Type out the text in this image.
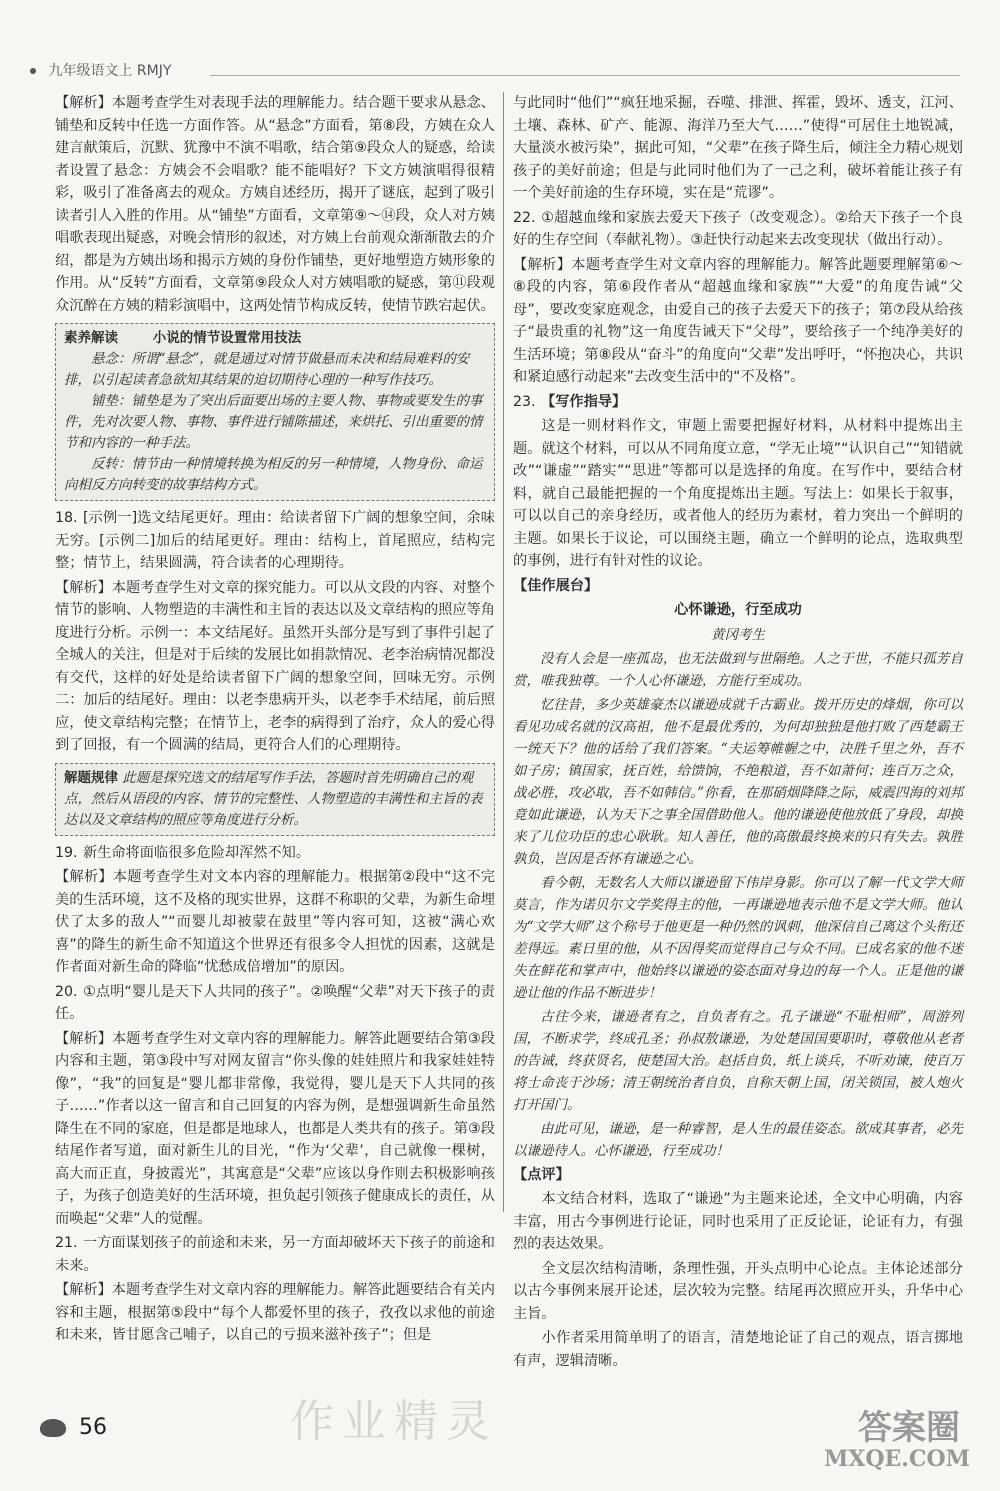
九年级语文上 RMJY

【解析】本题考查学生对表现手法的理解能力。结合题干要求从悬念、铺垫和反转中任选一方面作答。从“悬念”方面看，第⑧段，方姨在众人建言献策后，沉默、犹豫中不演不唱歌，结合第⑨段众人的疑惑，给读者设置了悬念：方姨会不会唱歌？能不能唱好？下文方姨演唱得很精彩，吸引了准备离去的观众。方姨自述经历，揭开了谜底，起到了吸引读者引人入胜的作用。从“铺垫”方面看，文章第⑨～⑭段，众人对方姨唱歌表现出疑惑，对晚会情形的叙述，对方姨上台前观众渐渐散去的介绍，都是为方姨出场和揭示方姨的身份作铺垫，更好地塑造方姨形象的作用。从“反转”方面看，文章第⑨段众人对方姨唱歌的疑惑，第⑪段观众沉醉在方姨的精彩演唱中，这两处情节构成反转，使情节跌宕起伏。

素养解读	小说的情节设置常用技法
悬念：所谓“悬念”，就是通过对情节做悬而未决和结局难料的安排，以引起读者急欲知其结果的迫切期待心理的一种写作技巧。
铺垫：铺垫是为了突出后面要出场的主要人物、事物或要发生的事件，先对次要人物、事物、事件进行铺陈描述，来烘托、引出重要的情节和内容的一种手法。
反转：情节由一种情境转换为相反的另一种情境，人物身份、命运向相反方向转变的故事结构方式。

18. [示例一]选文结尾更好。理由：给读者留下广阔的想象空间，余味无穷。[示例二]加后的结尾更好。理由：结构上，首尾照应，结构完整；情节上，结果圆满，符合读者的心理期待。

【解析】本题考查学生对文章的探究能力。可以从文段的内容、对整个情节的影响、人物塑造的丰满性和主旨的表达以及文章结构的照应等角度进行分析。示例一：本文结尾好。虽然开头部分是写到了事件引起了全城人的关注，但是对于后续的发展比如捐款情况、老李治病情况都没有交代，这样的好处是给读者留下广阔的想象空间，回味无穷。示例二：加后的结尾好。理由：以老李患病开头，以老李手术结尾，前后照应，使文章结构完整；在情节上，老李的病得到了治疗，众人的爱心得到了回报，有一个圆满的结局，更符合人们的心理期待。

解题规律 此题是探究选文的结尾写作手法，答题时首先明确自己的观点，然后从语段的内容、情节的完整性、人物塑造的丰满性和主旨的表达以及文章结构的照应等角度进行分析。

19. 新生命将面临很多危险却浑然不知。

【解析】本题考查学生对文本内容的理解能力。根据第②段中“这不完美的生活环境，这不及格的现实世界，这群不称职的父辈，为新生命埋伏了太多的敌人”“而婴儿却被蒙在鼓里”等内容可知，这被“满心欢喜”的降生的新生命不知道这个世界还有很多令人担忧的因素，这就是作者面对新生命的降临“忧愁成倍增加”的原因。

20. ①点明“婴儿是天下人共同的孩子”。②唤醒“父辈”对天下孩子的责任。

【解析】本题考查学生对文章内容的理解能力。解答此题要结合第③段内容和主题，第③段中写对网友留言“你头像的娃娃照片和我家娃娃特像”，“我”的回复是“婴儿都非常像，我觉得，婴儿是天下人共同的孩子……”作者以这一留言和自己回复的内容为例，是想强调新生命虽然降生在不同的家庭，但是都是地球人，也都是人类共有的孩子。第③段结尾作者写道，面对新生儿的目光，“作为‘父辈’，自己就像一棵树，高大而正直，身披霞光”，其寓意是“父辈”应该以身作则去积极影响孩子，为孩子创造美好的生活环境，担负起引领孩子健康成长的责任，从而唤起“父辈”人的觉醒。

21. 一方面谋划孩子的前途和未来，另一方面却破坏天下孩子的前途和未来。

【解析】本题考查学生对文章内容的理解能力。解答此题要结合有关内容和主题，根据第⑤段中“每个人都爱怀里的孩子，孜孜以求他的前途和未来，皆甘愿含己哺子，以自己的亏损来滋补孩子”；但是

与此同时“他们”“疯狂地采掘，吞噬、排泄、挥霍，毁坏、透支，江河、土壤、森林、矿产、能源、海洋乃至大气……”使得“可居住土地锐减，大量淡水被污染”，据此可知，“父辈”在孩子降生后，倾注全力精心规划孩子的美好前途；但是与此同时他们为了一己之利，破坏着能让孩子有一个美好前途的生存环境，实在是“荒谬”。

22. ①超越血缘和家族去爱天下孩子（改变观念）。②给天下孩子一个良好的生存空间（奉献礼物）。③赶快行动起来去改变现状（做出行动）。

【解析】本题考查学生对文章内容的理解能力。解答此题要理解第⑥～⑧段的内容，第⑥段作者从“超越血缘和家族”“大爱”的角度告诫“父母”，要改变家庭观念，由爱自己的孩子去爱天下的孩子；第⑦段从给孩子“最贵重的礼物”这一角度告诫天下“父母”，要给孩子一个纯净美好的生活环境；第⑧段从“奋斗”的角度向“父辈”发出呼吁，“怀抱决心，共识和紧迫感行动起来”去改变生活中的“不及格”。

23. 【写作指导】

这是一则材料作文，审题上需要把握好材料，从材料中提炼出主题。就这个材料，可以从不同角度立意，“学无止境”“认识自己”“知错就改”“谦虚”“踏实”“思进”等都可以是选择的角度。在写作中，要结合材料，就自己最能把握的一个角度提炼出主题。写法上：如果长于叙事，可以以自己的亲身经历，或者他人的经历为素材，着力突出一个鲜明的主题。如果长于议论，可以围绕主题，确立一个鲜明的论点，选取典型的事例，进行有针对性的议论。

【佳作展台】

心怀谦逊，行至成功

黄冈考生

没有人会是一座孤岛，也无法做到与世隔绝。人之于世，不能只孤芳自赏，唯我独尊。一个人心怀谦逊，方能行至成功。

忆往昔，多少英雄豪杰以谦逊成就千古霸业。拨开历史的烽烟，你可以看见功成名就的汉高祖，他不是最优秀的，为何却独独是他打败了西楚霸王一统天下？他的话给了我们答案。“夫运筹帷幄之中，决胜千里之外，吾不如子房；镇国家，抚百姓，给馈饷，不绝粮道，吾不如萧何；连百万之众，战必胜，攻必取，吾不如韩信。”你看，在那硝烟降降之际，威震四海的刘邦竟如此谦逊，认为天下之事全国借助他人。他的谦逊使他放低了身段，却换来了儿位功臣的忠心耿耿。知人善任，他的高傲最终换来的只有失去。孰胜孰负，岂因是否怀有谦逊之心。

看今朝，无数名人大师以谦逊留下伟岸身影。你可以了解一代文学大师莫言，作为诺贝尔文学奖得主的他，一再谦逊地表示他不是文学大师。他认为“文学大师”这个称号于他更是一种仍然的讽刺，他深信自己离这个头衔还差得远。素日里的他，从不因得奖而觉得自己与众不同。已成名家的他不迷失在鲜花和掌声中，他始终以谦逊的姿态面对身边的每一个人。正是他的谦逊让他的作品不断进步！

古往今来，谦逊者有之，自负者有之。孔子谦逊“不耻相师”，周游列国，不断求学，终成孔圣；孙叔敖谦逊，为处楚国国要职时，尊敬他从老者的告诫，终获贤名，使楚国大治。赵括自负，纸上谈兵，不听劝谏，使百万将士命丧于沙场；清王朝统治者自负，自称天朝上国，闭关锁国，被人炮火打开国门。

由此可见，谦逊，是一种睿智，是人生的最佳姿态。欲成其事者，必先以谦逊待人。心怀谦逊，行至成功！

【点评】

本文结合材料，选取了“谦逊”为主题来论述，全文中心明确，内容丰富，用古今事例进行论证，同时也采用了正反论证，论证有力，有强烈的表达效果。

全文层次结构清晰，条理性强，开头点明中心论点。主体论述部分以古今事例来展开论述，层次较为完整。结尾再次照应开头，升华中心主旨。

小作者采用简单明了的语言，清楚地论证了自己的观点，语言掷地有声，逻辑清晰。

56	作业精灵	答案圈
MXQE.COM
